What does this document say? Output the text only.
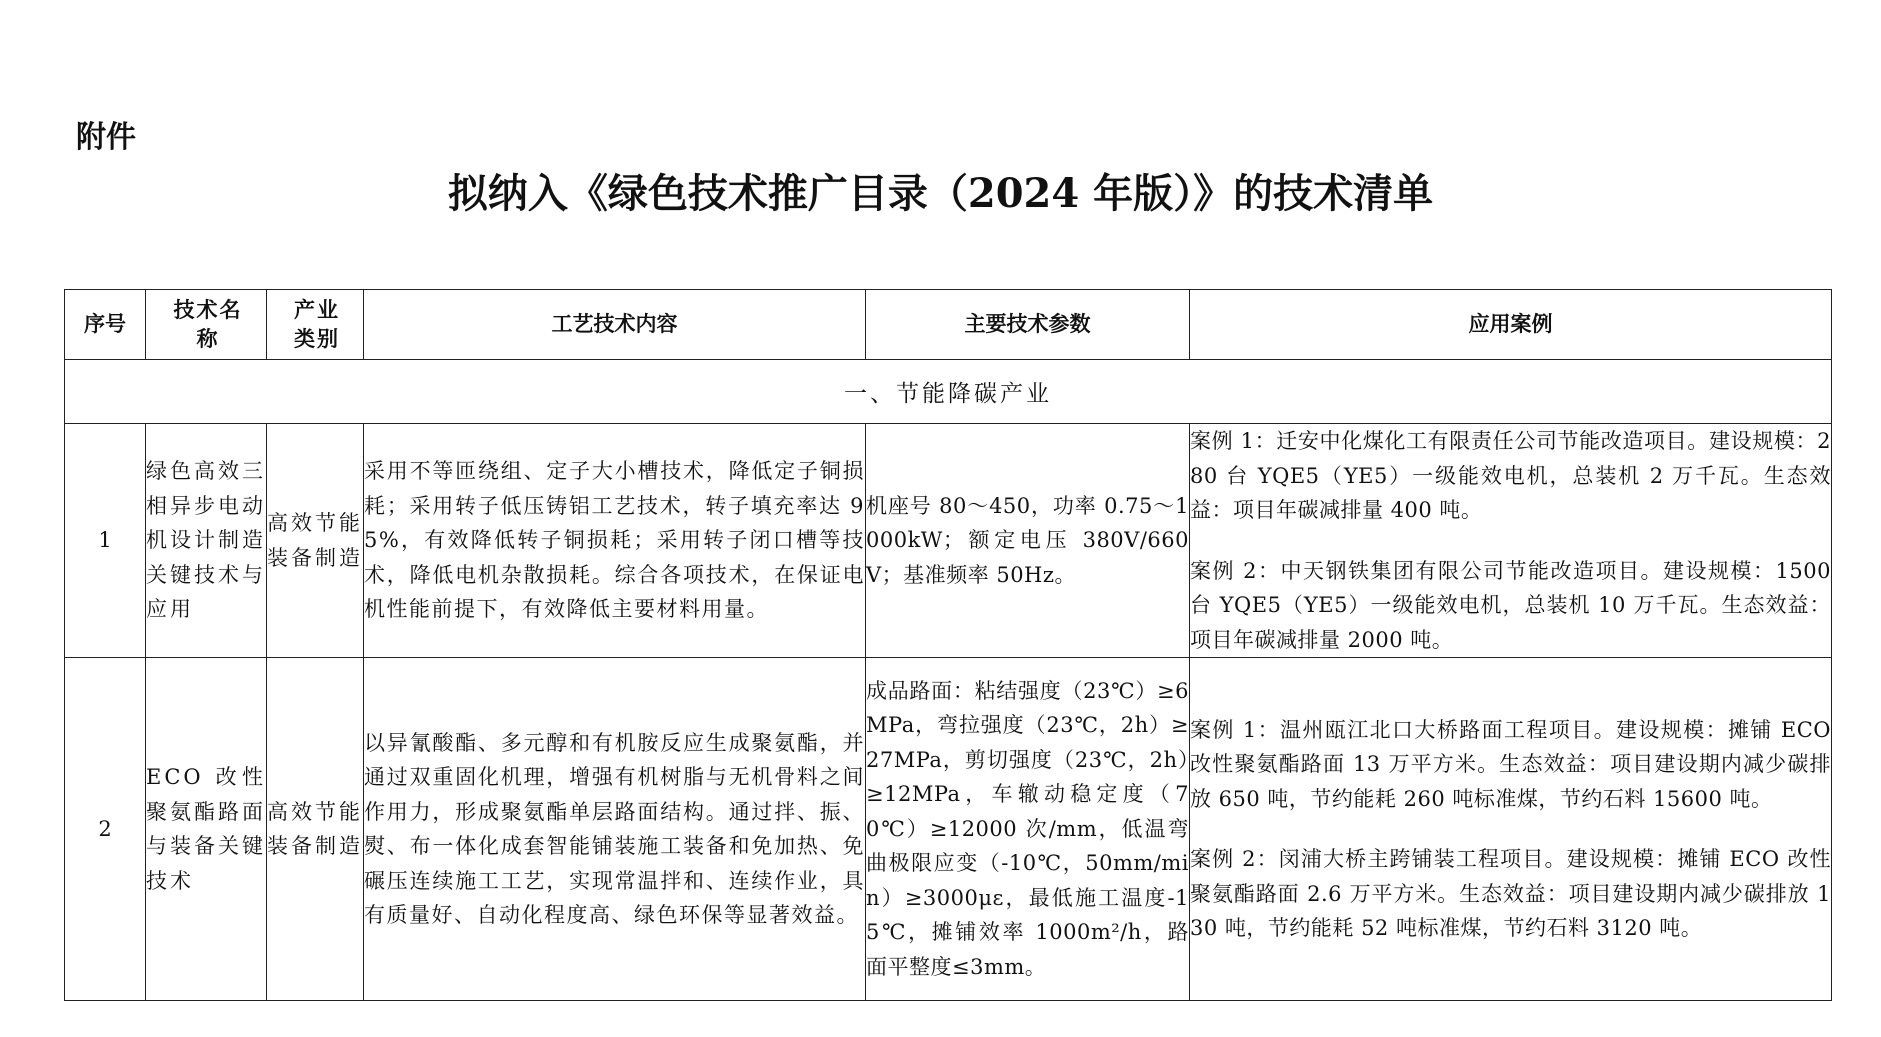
附件
拟纳入《绿色技术推广目录（2024 年版）》的技术清单
序号	技术名称	产业类别	工艺技术内容	主要技术参数	应用案例
一、节能降碳产业					
1	绿色高效三相异步电动机设计制造关键技术与应用	高效节能装备制造	采用不等匝绕组、定子大小槽技术，降低定子铜损耗；采用转子低压铸铝工艺技术，转子填充率达 95%，有效降低转子铜损耗；采用转子闭口槽等技术，降低电机杂散损耗。综合各项技术，在保证电机性能前提下，有效降低主要材料用量。	机座号 80～450，功率 0.75～1000kW；额定电压 380V/660V；基准频率 50Hz。	案例 1：迁安中化煤化工有限责任公司节能改造项目。建设规模：280 台 YQE5（YE5）一级能效电机，总装机 2 万千瓦。生态效益：项目年碳减排量 400 吨。
案例 2：中天钢铁集团有限公司节能改造项目。建设规模：1500 台 YQE5（YE5）一级能效电机，总装机 10 万千瓦。生态效益：项目年碳减排量 2000 吨。

2	ECO 改性聚氨酯路面与装备关键技术	高效节能装备制造	以异氰酸酯、多元醇和有机胺反应生成聚氨酯，并通过双重固化机理，增强有机树脂与无机骨料之间作用力，形成聚氨酯单层路面结构。通过拌、振、熨、布一体化成套智能铺装施工装备和免加热、免碾压连续施工工艺，实现常温拌和、连续作业，具有质量好、自动化程度高、绿色环保等显著效益。	成品路面：粘结强度（23℃）≥6MPa，弯拉强度（23℃，2h）≥27MPa，剪切强度（23℃，2h）≥12MPa，车辙动稳定度（70℃）≥12000 次/mm，低温弯曲极限应变（-10℃，50mm/min）≥3000με，最低施工温度-15℃，摊铺效率 1000m²/h，路面平整度≤3mm。	案例 1：温州瓯江北口大桥路面工程项目。建设规模：摊铺 ECO 改性聚氨酯路面 13 万平方米。生态效益：项目建设期内减少碳排放 650 吨，节约能耗 260 吨标准煤，节约石料 15600 吨。
案例 2：闵浦大桥主跨铺装工程项目。建设规模：摊铺 ECO 改性聚氨酯路面 2.6 万平方米。生态效益：项目建设期内减少碳排放 130 吨，节约能耗 52 吨标准煤，节约石料 3120 吨。
